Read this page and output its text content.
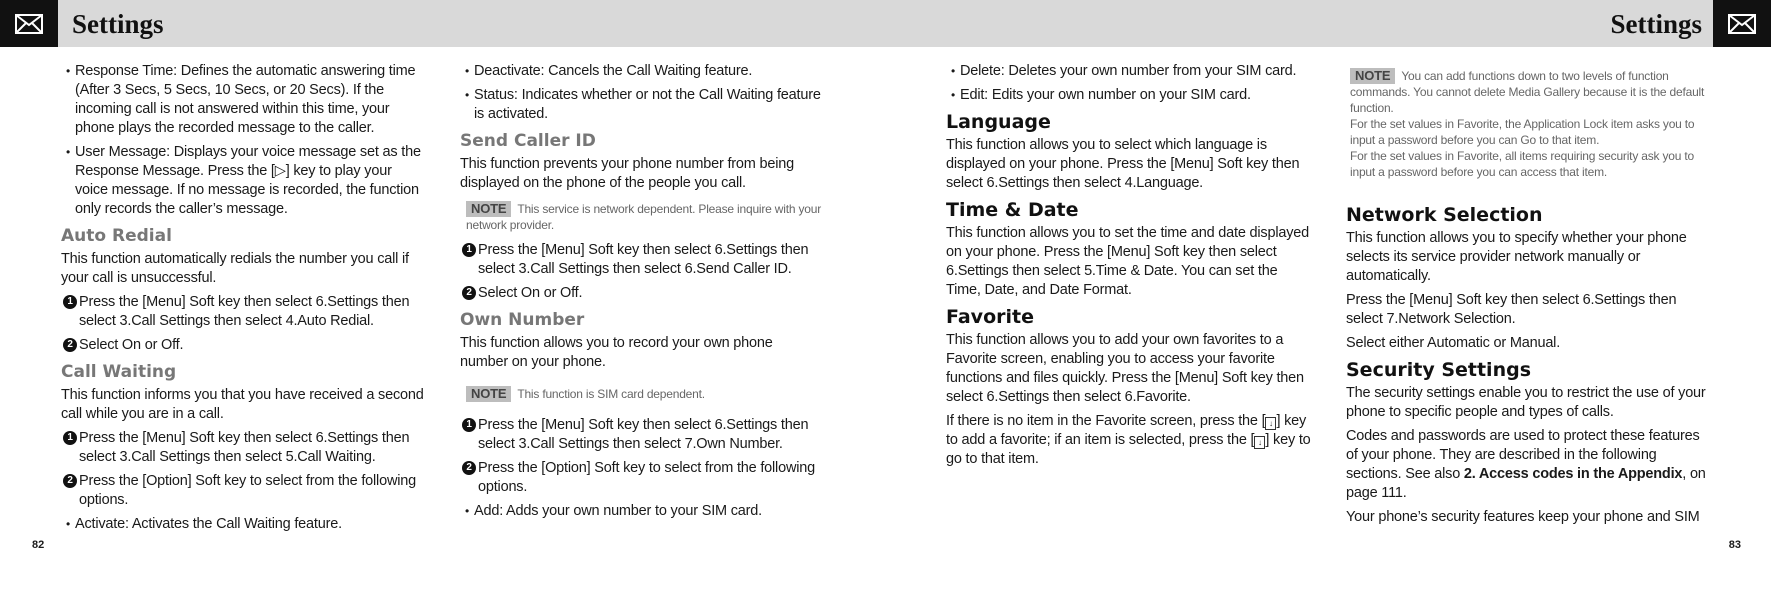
Settings	Settings

• Response Time: Defines the automatic answering time (After 3 Secs, 5 Secs, 10 Secs, or 20 Secs). If the incoming call is not answered within this time, your phone plays the recorded message to the caller.

• User Message: Displays your voice message set as the Response Message. Press the [▷] key to play your voice message. If no message is recorded, the function only records the caller’s message.

Auto Redial

This function automatically redials the number you call if your call is unsuccessful.

1 Press the [Menu] Soft key then select 6.Settings then select 3.Call Settings then select 4.Auto Redial.

2 Select On or Off.

Call Waiting

This function informs you that you have received a second call while you are in a call.

1 Press the [Menu] Soft key then select 6.Settings then select 3.Call Settings then select 5.Call Waiting.

2 Press the [Option] Soft key to select from the following options.

• Activate: Activates the Call Waiting feature.

• Deactivate: Cancels the Call Waiting feature.

• Status: Indicates whether or not the Call Waiting feature is activated.

Send Caller ID

This function prevents your phone number from being displayed on the phone of the people you call.

NOTE This service is network dependent. Please inquire with your network provider.

1 Press the [Menu] Soft key then select 6.Settings then select 3.Call Settings then select 6.Send Caller ID.

2 Select On or Off.

Own Number

This function allows you to record your own phone number on your phone.

NOTE This function is SIM card dependent.

1 Press the [Menu] Soft key then select 6.Settings then select 3.Call Settings then select 7.Own Number.

2 Press the [Option] Soft key to select from the following options.

• Add: Adds your own number to your SIM card.

• Delete: Deletes your own number from your SIM card.

• Edit: Edits your own number on your SIM card.

Language

This function allows you to select which language is displayed on your phone. Press the [Menu] Soft key then select 6.Settings then select 4.Language.

Time & Date

This function allows you to set the time and date displayed on your phone. Press the [Menu] Soft key then select 6.Settings then select 5.Time & Date. You can set the Time, Date, and Date Format.

Favorite

This function allows you to add your own favorites to a Favorite screen, enabling you to access your favorite functions and files quickly. Press the [Menu] Soft key then select 6.Settings then select 6.Favorite.

If there is no item in the Favorite screen, press the [ ↓ ] key to add a favorite; if an item is selected, press the [ ↓ ] key to go to that item.

NOTE You can add functions down to two levels of function commands. You cannot delete Media Gallery because it is the default function.
For the set values in Favorite, the Application Lock item asks you to input a password before you can Go to that item.
For the set values in Favorite, all items requiring security ask you to input a password before you can access that item.
Network Selection

This function allows you to specify whether your phone selects its service provider network manually or automatically.

Press the [Menu] Soft key then select 6.Settings then select 7.Network Selection.

Select either Automatic or Manual.

Security Settings

The security settings enable you to restrict the use of your phone to specific people and types of calls.

Codes and passwords are used to protect these features of your phone. They are described in the following sections. See also 2. Access codes in the Appendix, on page 111.

Your phone’s security features keep your phone and SIM

82	83
